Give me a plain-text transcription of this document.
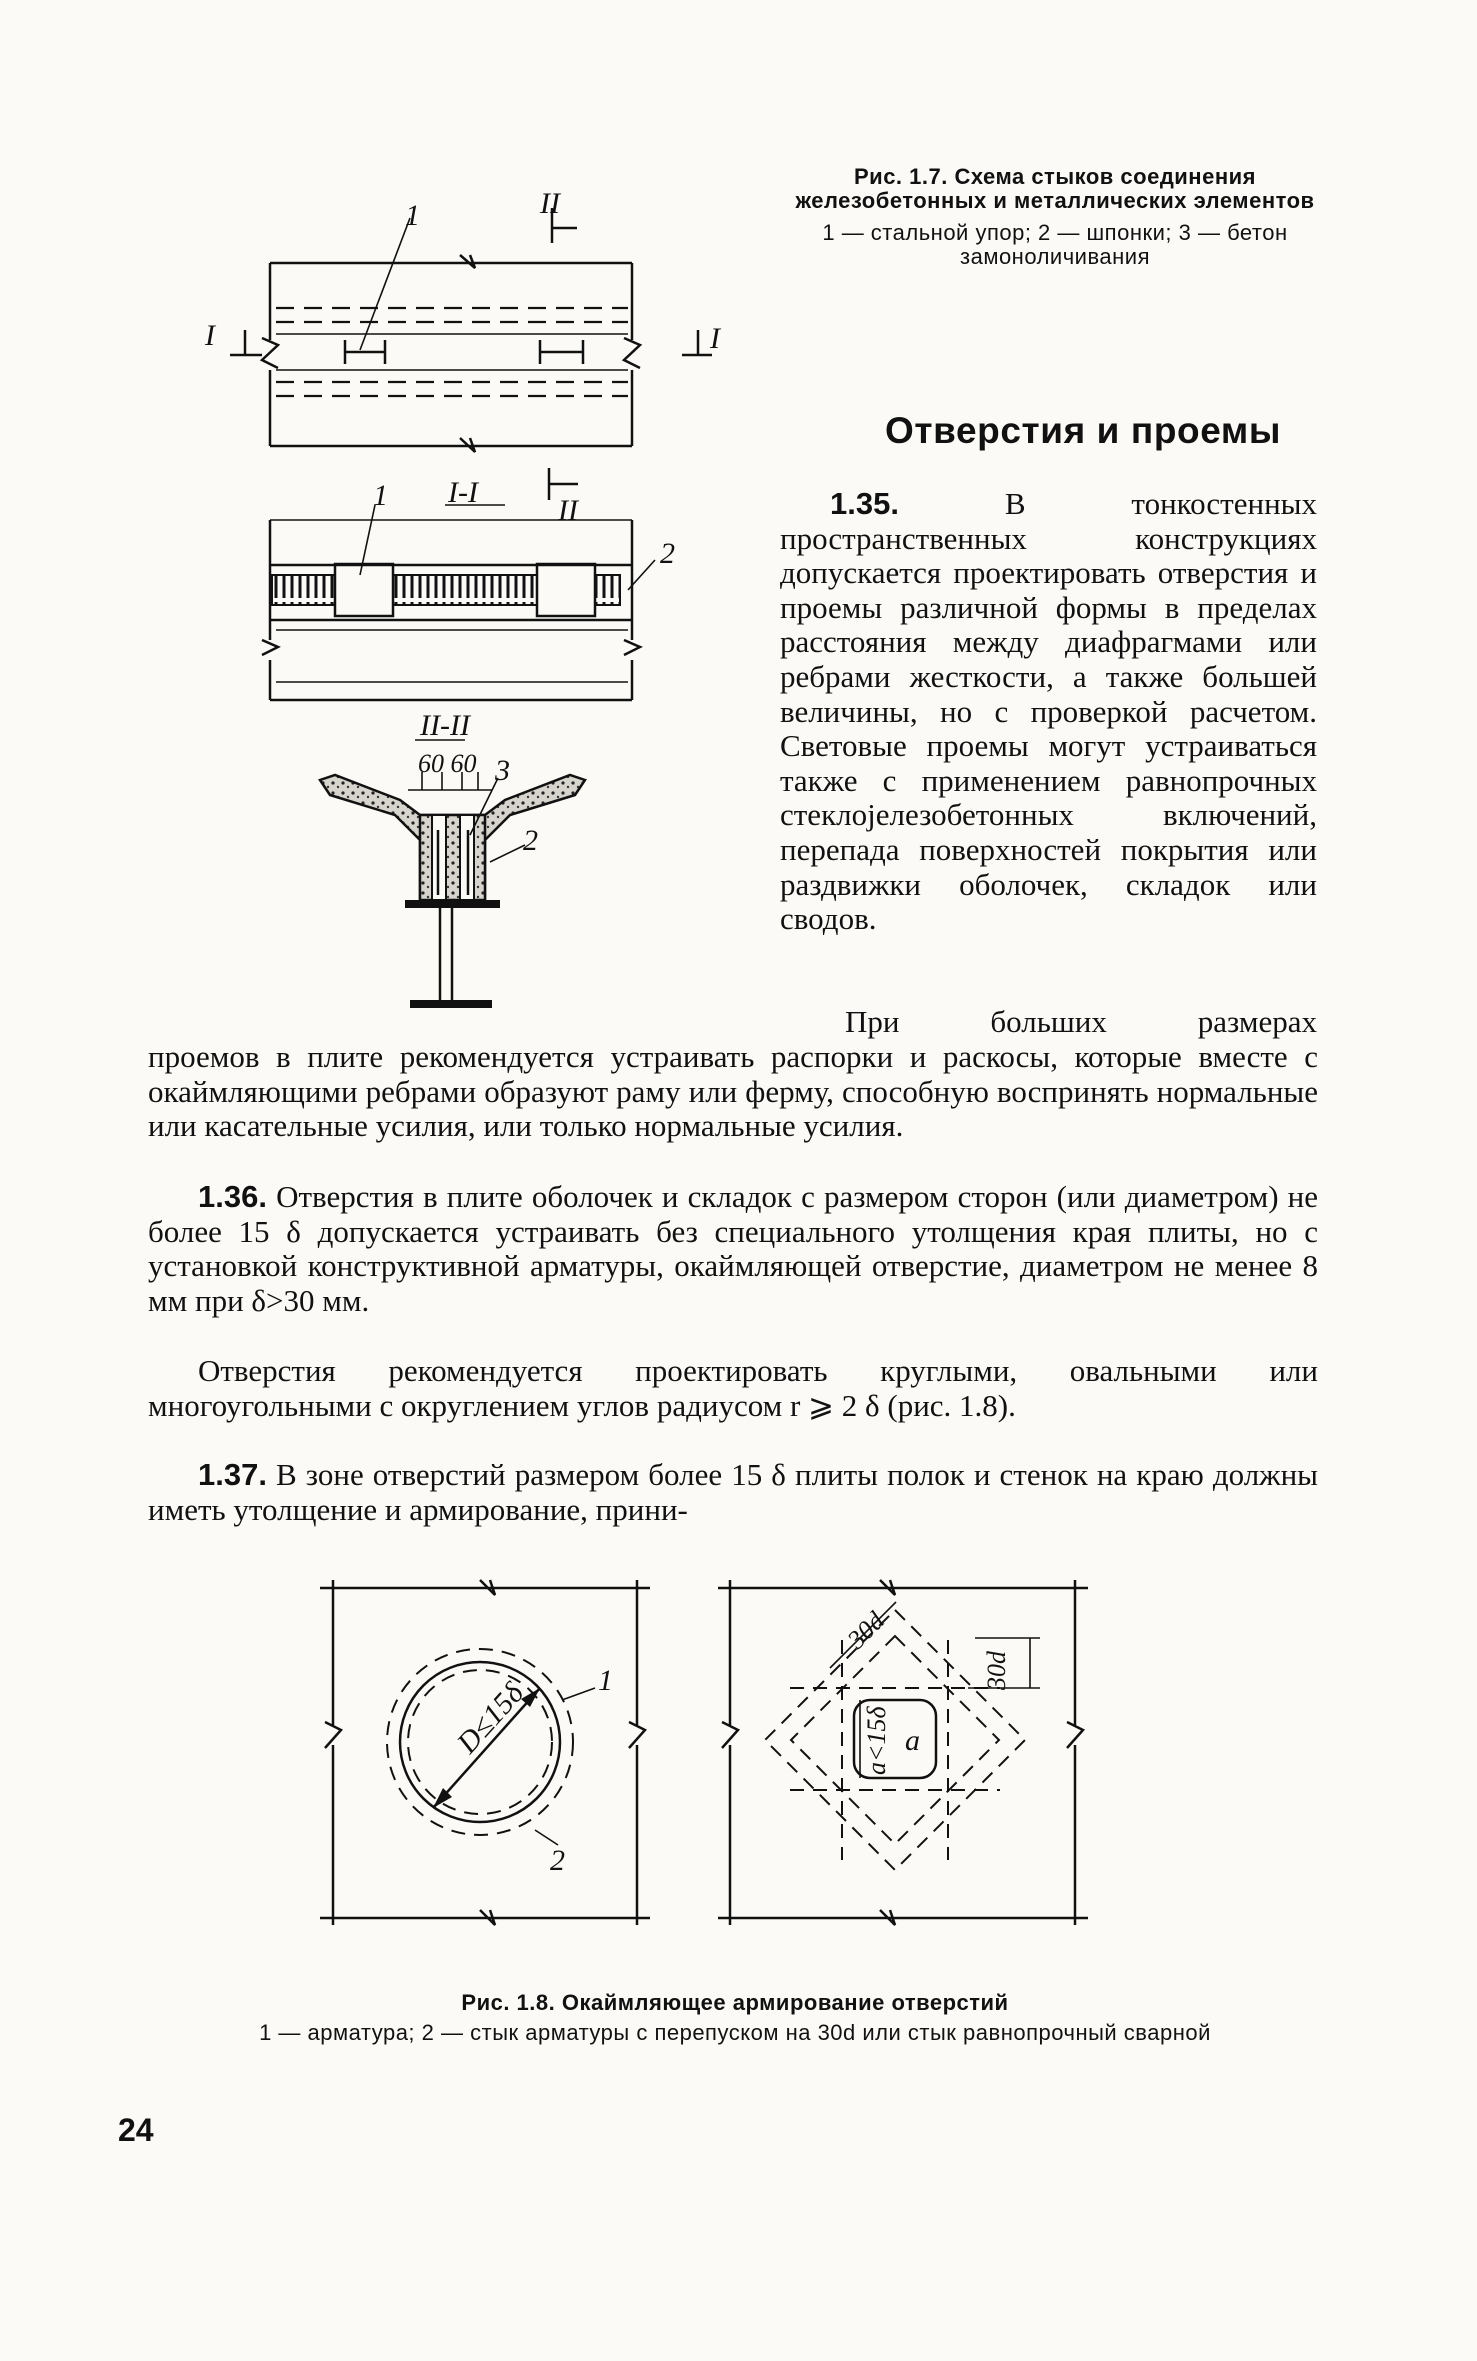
II
I	I
1
I-I
II
1
2
II-II
60 60 3
2
Рис. 1.7. Схема стыков соединения железобетонных и металлических элементов
1 — стальной упор; 2 — шпонки; 3 — бетон замоноличивания
Отверстия и проемы
1.35.	В тонкостенных пространственных конструкциях допускается проектировать отверстия и проемы различной формы в пределах расстояния между диафрагмами или ребрами жесткости, а также большей величины, но с проверкой расчетом. Световые проемы могут устраиваться также с применением равнопрочных стеклojeлезобетонных включений, перепада поверхностей покрытия или раздвижки оболочек, складок или сводов.
При больших размерах
проемов в плите рекомендуется устраивать распорки и раскосы, которые вместе с окаймляющими ребрами образуют раму или ферму, способную воспринять нормальные или касательные усилия, или только нормальные усилия.
1.36. Отверстия в плите оболочек и складок с размером сторон (или диаметром) не более 15 δ допускается устраивать без специального утолщения края плиты, но с установкой конструктивной арматуры, окаймляющей отверстие, диаметром не менее 8 мм при δ>30 мм.
Отверстия рекомендуется проектировать круглыми, овальными или многоугольными с округлением углов радиусом r ⩾ 2 δ (рис. 1.8).
1.37. В зоне отверстий размером более 15 δ плиты полок и стенок на краю должны иметь утолщение и армирование, прини-
D≤15δ 1
2
30d
30d
a<15δ a
Рис. 1.8. Окаймляющее армирование отверстий
1 — арматура; 2 — стык арматуры с перепуском на 30d или стык равнопрочный сварной
24
